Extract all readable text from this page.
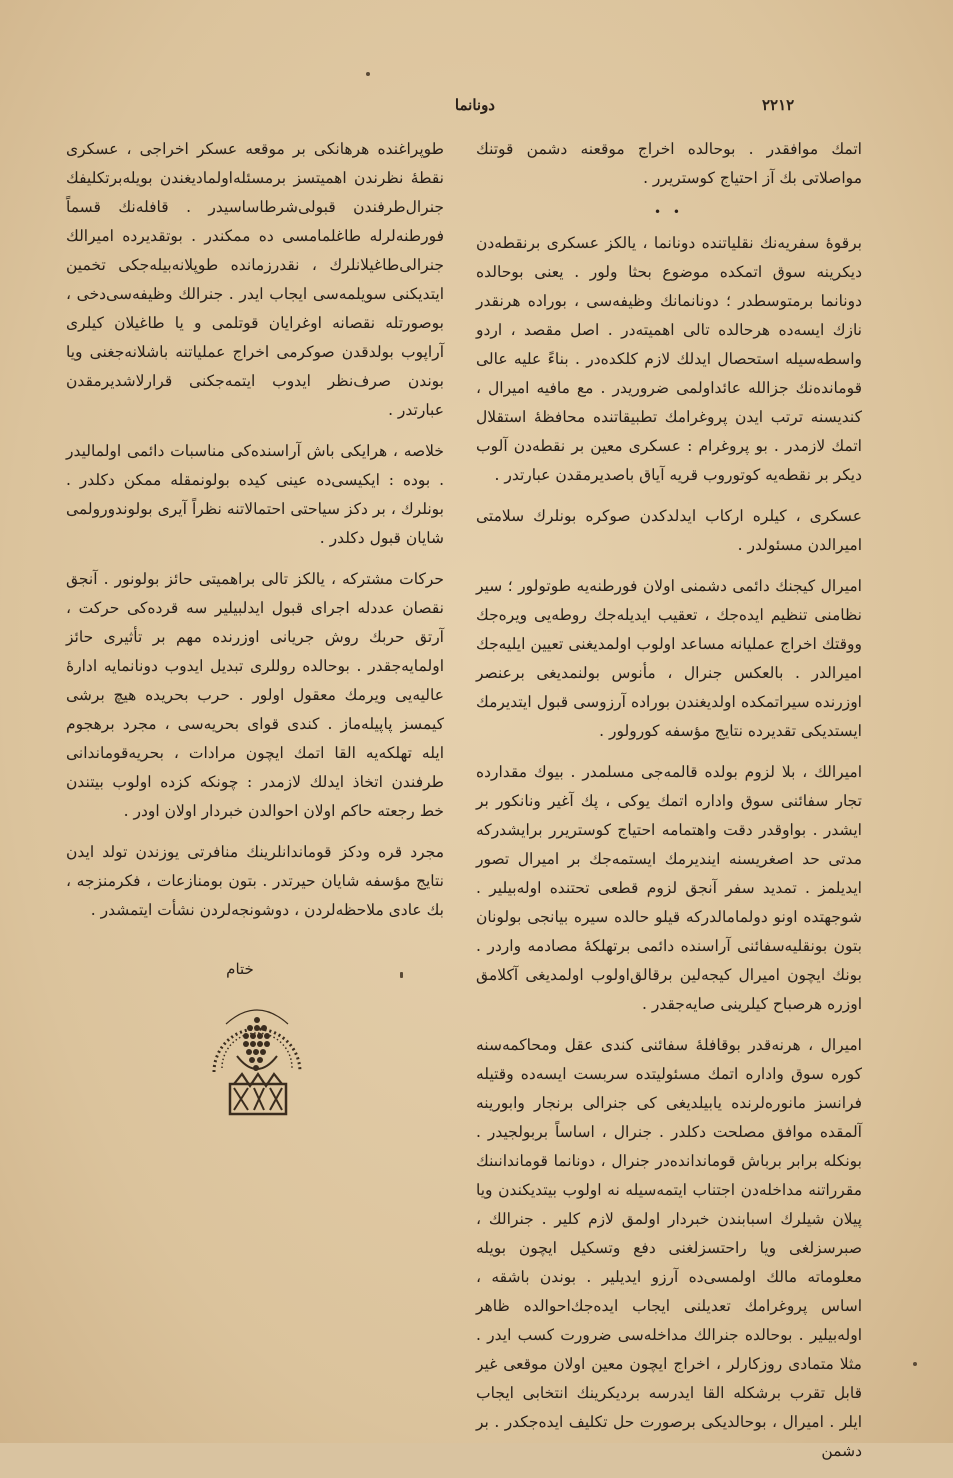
دونانما	۲۲۱۲

اتمك موافقدر . بوحالده اخراج موقعنه دشمن قوتنك مواصلاتى بك آز احتياج كوستريرر .

• •

برقوهٔ سفریه‌نك نقلياتنده دونانما ، يالكز عسكرى برنقطه‌دن ديكرينه سوق اتمكده موضوع بحثا ولور . يعنى بوحالده دونانما برمتوسطدر ؛ دونانمانك وظيفه‌سى ، بوراده هرنقدر نازك ايسه‌ده هرحالده تالى اهميته‌در . اصل مقصد ، اردو واسطه‌سيله استحصال ايدلك لازم كلكده‌در . بناءً عليه عالى قوماندەنك جزالله عائداولمى ضروريدر . مع مافيه اميرال ، كنديسنه ترتب ايدن پروغرامك تطبيقاتنده محافظهٔ استقلال اتمك لازمدر . بو پروغرام : عسكرى معين بر نقطه‌دن آلوب ديكر بر نقطه‌يه كوتوروب قريه آياق باصديرمقدن عبارتدر .

عسكرى ، كيلره اركاب ايدلدكدن صوكره بونلرك سلامتى اميرالدن مسئولدر .

اميرال كيجنك دائمى دشمنى اولان فورطنه‌يه طوتولور ؛ سير نظامنى تنظيم ايده‌جك ، تعقيب ايديله‌جك روطه‌يى ويره‌جك ووقتك اخراج عمليانه مساعد اولوب اولمديغنى تعيين ايليه‌جك اميرالدر . بالعكس جنرال ، مأنوس بولنمديغى برعنصر اوزرنده سيراتمكده اولديغندن بوراده آرزوسى قبول ايتديرمك ايستديكى تقديرده نتايج مؤسفه كورولور .

اميرالك ، بلا لزوم بولده قالمه‌جى مسلمدر . بيوك مقدارده تجار سفائنى سوق واداره اتمك يوكى ، پك آغير ونانكور بر ايشدر . بواوقدر دقت واهتمامه احتياج كوستريرر برايشدركه مدتى حد اصغريسنه ايندیرمك ايستمه‌جك بر اميرال تصور ايديلمز . تمديد سفر آنجق لزوم قطعى تحتنده اوله‌بيلير . شوجهتده اونو دولمامالدركه قيلو حالده سيره بيانجى بولونان بتون بونقليه‌سفائنى آراسنده دائمى برتهلكهٔ مصادمه واردر . بونك ايچون اميرال كيجه‌لين برقالق‌اولوب اولمديغى آكلامق اوزره هرصباح كيلرينى صايه‌جقدر .

اميرال ، هرنه‌قدر بوقافلهٔ سفائنى كندى عقل ومحاكمه‌سنه كوره سوق واداره اتمك مسئوليتده سربست ايسه‌ده وقتيله فرانسز مانورەلرنده يابيلديغى كى جنرالى برنجار وابورينه آلمقده موافق مصلحت دكلدر . جنرال ، اساساً بربولجيدر . بونكله برابر برباش قوماندانده‌در جنرال ، دونانما قوماندانىنك مقرراتنه مداخله‌دن اجتناب ايتمه‌سيله نه اولوب بيتديكندن ويا پيلان شيلرك اسبابندن خبردار اولمق لازم كلير . جنرالك ، صبرسزلغى ويا راحتسزلغنى دفع وتسكيل ايچون بويله معلوماته مالك اولمسى‌ده آرزو ايديلير . بوندن باشقه ، اساس پروغرامك تعديلنى ايجاب ايده‌جك‌احوالده ظاهر اوله‌بيلير . بوحالده جنرالك مداخله‌سى ضرورت كسب ايدر . مثلا متمادى روزكارلر ، اخراج ايچون معين اولان موقعى غير قابل تقرب برشكله القا ايدرسه برديكرينك انتخابى ايجاب ايلر . اميرال ، بوحالديكى برصورت حل تكليف ايده‌جكدر . بر دشمن

طوپراغنده هرهانكى بر موقعه عسكر اخراجى ، عسكرى نقطهٔ نظرندن اهميتسز برمسئله‌اولمادیغندن بويله‌برتكليفك جنرال‌طرفندن قبولى‌شرطاساسيدر . قافله‌نك قسماً فورطنه‌لرله طاغلمامسى ده ممكندر . بوتقديرده اميرالك جنرالى‌طاغيلانلرك ، نقدرزمانده طوپلانه‌بيله‌جكى تخمين ايتديكنى سويلمه‌سى ايجاب ايدر . جنرالك وظيفه‌سى‌دخى ، بوصورتله نقصانه اوغرايان قوتلمى و يا طاغيلان كيلرى آراپوب بولدقدن صوكرمى اخراج عملياتنه باشلانه‌جغنى ويا بوندن صرف‌نظر ايدوب ايتمه‌جكنى قرارلاشدیرمقدن عبارتدر .

خلاصه ، هرايكى باش آراسنده‌كى مناسبات دائمى اولمالیدر . بوده : ايكيسى‌ده عينى كيده بولونمقله ممكن دكلدر . بونلرك ، بر دكز سياحتى احتمالاتنه نظراً آيرى بولوندورولمى شايان قبول دكلدر .

حركات مشتركه ، يالكز تالى براهميتى حائز بولونور . آنجق نقصان عددله اجراى قبول ايدلبيلير سه قرده‌كى حركت ، آرتق حربك روش جريانى اوزرنده مهم بر تأثيرى حائز اولمايه‌جقدر . بوحالده روللرى تبديل ايدوب دونانمايه ادارهٔ عاليه‌يى ويرمك معقول اولور . حرب بحريده هيچ برشى كيمسز پاپيلەماز . كندى قواى بحريه‌سى ، مجرد برهجوم ايله تهلكه‌يه القا اتمك ايچون مرادات ، بحريه‌قوماندانى طرفندن اتخاذ ايدلك لازمدر : چونكه كزده اولوب بيتندن خط رجعته حاكم اولان احوالدن خبردار اولان اودر .

مجرد قره ودكز قوماندانلرينك منافرتى يوزندن تولد ايدن نتايج مؤسفه شايان حيرتدر . بتون بومنازعات ، فكرمنزجه ، بك عادى ملاحظه‌لردن ، دوشونجه‌لردن نشأت ايتمشدر .

ختام
